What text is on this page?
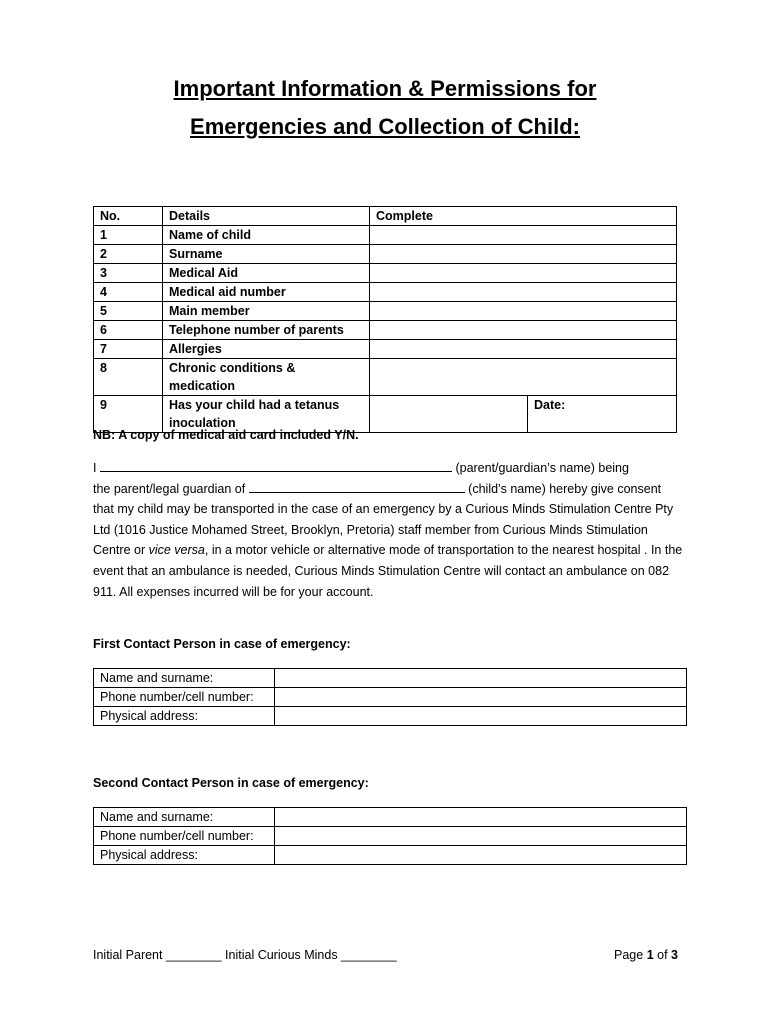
Important Information & Permissions for
Emergencies and Collection of Child:
No.	Details	Complete	
1	Name of child		
2	Surname		
3	Medical Aid		
4	Medical aid number		
5	Main member		
6	Telephone number of parents		
7	Allergies		
8	Chronic conditions & medication		
9	Has your child had a tetanus inoculation		Date:
NB: A copy of medical aid card included Y/N.
I	(parent/guardian’s name) being
the parent/legal guardian of	(child’s name) hereby give consent that my child may be transported in the case of an emergency by a Curious Minds Stimulation Centre Pty Ltd (1016 Justice Mohamed Street, Brooklyn, Pretoria) staff member from Curious Minds Stimulation Centre or vice versa, in a motor vehicle or alternative mode of transportation to the nearest hospital . In the event that an ambulance is needed, Curious Minds Stimulation Centre will contact an ambulance on 082 911. All expenses incurred will be for your account.
First Contact Person in case of emergency:
Name and surname:	
Phone number/cell number:	
Physical address:	
Second Contact Person in case of emergency:
Name and surname:	
Phone number/cell number:	
Physical address:	
Initial Parent ________ Initial Curious Minds ________	Page 1 of 3
